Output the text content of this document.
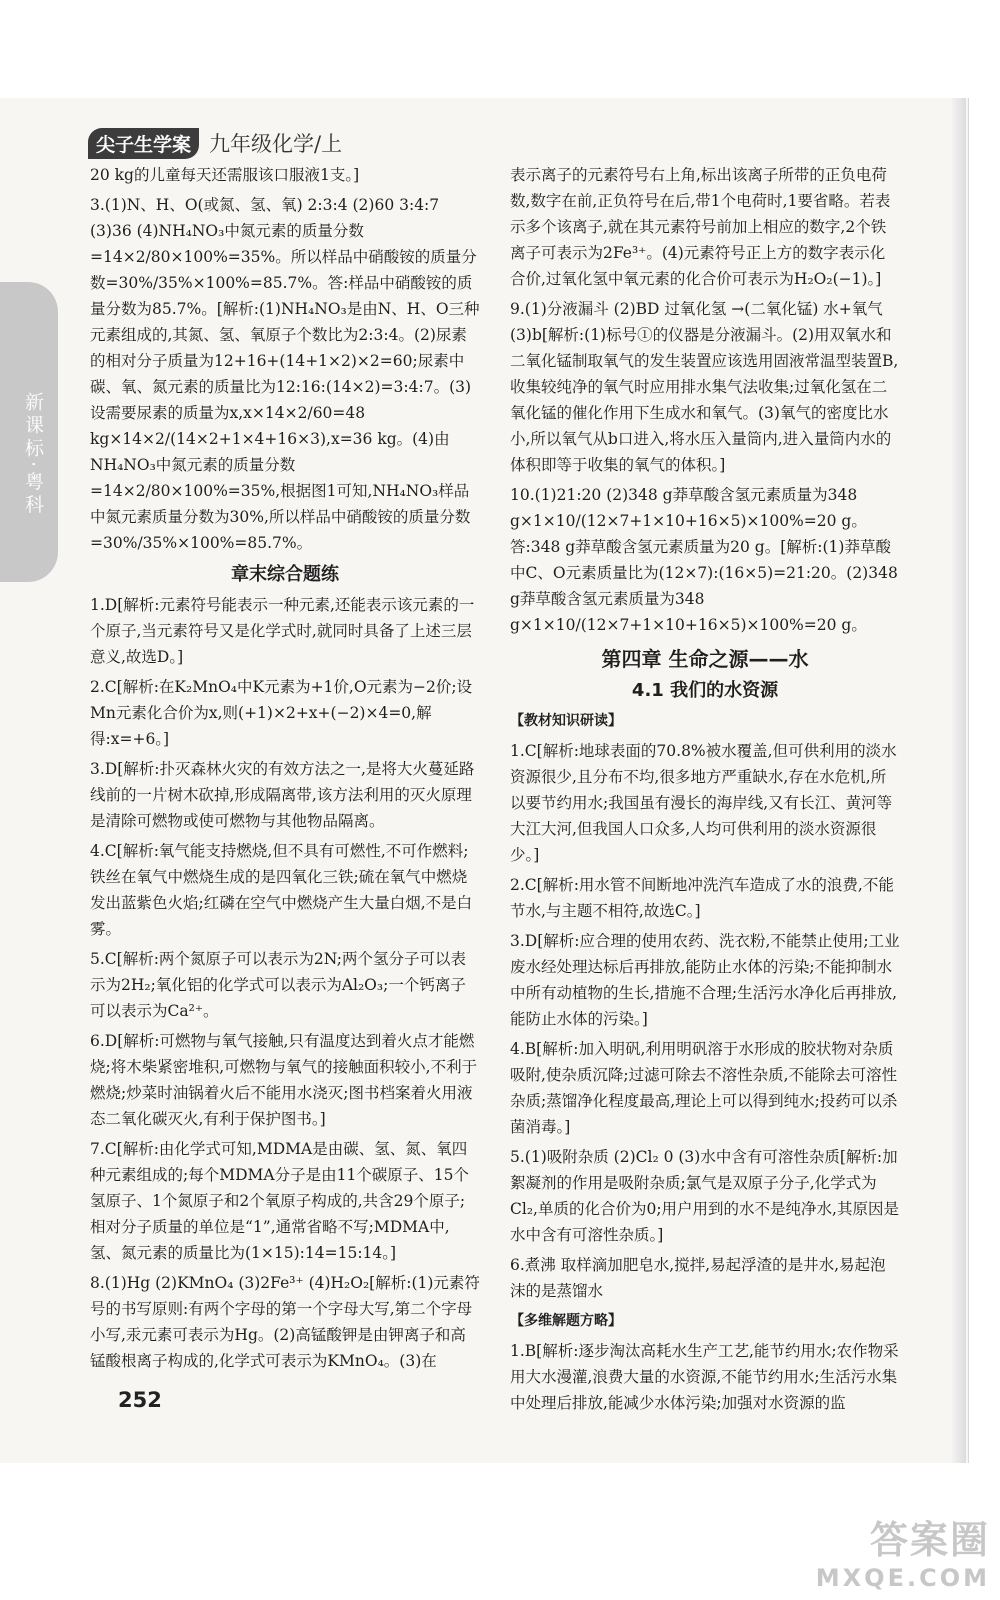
新课标·粤科
尖子生学案 九年级化学/上
20 kg的儿童每天还需服该口服液1支。]
3.(1)N、H、O(或氮、氢、氧) 2:3:4 (2)60 3:4:7 (3)36 (4)NH₄NO₃中氮元素的质量分数=14×2/80×100%=35%。所以样品中硝酸铵的质量分数=30%/35%×100%=85.7%。答:样品中硝酸铵的质量分数为85.7%。[解析:(1)NH₄NO₃是由N、H、O三种元素组成的,其氮、氢、氧原子个数比为2:3:4。(2)尿素的相对分子质量为12+16+(14+1×2)×2=60;尿素中碳、氧、氮元素的质量比为12:16:(14×2)=3:4:7。(3)设需要尿素的质量为x,x×14×2/60=48 kg×14×2/(14×2+1×4+16×3),x=36 kg。(4)由NH₄NO₃中氮元素的质量分数=14×2/80×100%=35%,根据图1可知,NH₄NO₃样品中氮元素质量分数为30%,所以样品中硝酸铵的质量分数=30%/35%×100%=85.7%。
章末综合题练
1.D[解析:元素符号能表示一种元素,还能表示该元素的一个原子,当元素符号又是化学式时,就同时具备了上述三层意义,故选D。]
2.C[解析:在K₂MnO₄中K元素为+1价,O元素为−2价;设Mn元素化合价为x,则(+1)×2+x+(−2)×4=0,解得:x=+6。]
3.D[解析:扑灭森林火灾的有效方法之一,是将大火蔓延路线前的一片树木砍掉,形成隔离带,该方法利用的灭火原理是清除可燃物或使可燃物与其他物品隔离。
4.C[解析:氧气能支持燃烧,但不具有可燃性,不可作燃料;铁丝在氧气中燃烧生成的是四氧化三铁;硫在氧气中燃烧发出蓝紫色火焰;红磷在空气中燃烧产生大量白烟,不是白雾。
5.C[解析:两个氮原子可以表示为2N;两个氢分子可以表示为2H₂;氧化铝的化学式可以表示为Al₂O₃;一个钙离子可以表示为Ca²⁺。
6.D[解析:可燃物与氧气接触,只有温度达到着火点才能燃烧;将木柴紧密堆积,可燃物与氧气的接触面积较小,不利于燃烧;炒菜时油锅着火后不能用水浇灭;图书档案着火用液态二氧化碳灭火,有利于保护图书。]
7.C[解析:由化学式可知,MDMA是由碳、氢、氮、氧四种元素组成的;每个MDMA分子是由11个碳原子、15个氢原子、1个氮原子和2个氧原子构成的,共含29个原子;相对分子质量的单位是“1”,通常省略不写;MDMA中,氢、氮元素的质量比为(1×15):14=15:14。]
8.(1)Hg (2)KMnO₄ (3)2Fe³⁺ (4)H₂O₂[解析:(1)元素符号的书写原则:有两个字母的第一个字母大写,第二个字母小写,汞元素可表示为Hg。(2)高锰酸钾是由钾离子和高锰酸根离子构成的,化学式可表示为KMnO₄。(3)在
表示离子的元素符号右上角,标出该离子所带的正负电荷数,数字在前,正负符号在后,带1个电荷时,1要省略。若表示多个该离子,就在其元素符号前加上相应的数字,2个铁离子可表示为2Fe³⁺。(4)元素符号正上方的数字表示化合价,过氧化氢中氧元素的化合价可表示为H₂O₂(−1)。]
9.(1)分液漏斗 (2)BD 过氧化氢 →(二氧化锰) 水+氧气 (3)b[解析:(1)标号①的仪器是分液漏斗。(2)用双氧水和二氧化锰制取氧气的发生装置应该选用固液常温型装置B,收集较纯净的氧气时应用排水集气法收集;过氧化氢在二氧化锰的催化作用下生成水和氧气。(3)氧气的密度比水小,所以氧气从b口进入,将水压入量筒内,进入量筒内水的体积即等于收集的氧气的体积。]
10.(1)21:20 (2)348 g莽草酸含氢元素质量为348 g×1×10/(12×7+1×10+16×5)×100%=20 g。答:348 g莽草酸含氢元素质量为20 g。[解析:(1)莽草酸中C、O元素质量比为(12×7):(16×5)=21:20。(2)348 g莽草酸含氢元素质量为348 g×1×10/(12×7+1×10+16×5)×100%=20 g。
第四章 生命之源——水
4.1 我们的水资源
【教材知识研读】
1.C[解析:地球表面的70.8%被水覆盖,但可供利用的淡水资源很少,且分布不均,很多地方严重缺水,存在水危机,所以要节约用水;我国虽有漫长的海岸线,又有长江、黄河等大江大河,但我国人口众多,人均可供利用的淡水资源很少。]
2.C[解析:用水管不间断地冲洗汽车造成了水的浪费,不能节水,与主题不相符,故选C。]
3.D[解析:应合理的使用农药、洗衣粉,不能禁止使用;工业废水经处理达标后再排放,能防止水体的污染;不能抑制水中所有动植物的生长,措施不合理;生活污水净化后再排放,能防止水体的污染。]
4.B[解析:加入明矾,利用明矾溶于水形成的胶状物对杂质吸附,使杂质沉降;过滤可除去不溶性杂质,不能除去可溶性杂质;蒸馏净化程度最高,理论上可以得到纯水;投药可以杀菌消毒。]
5.(1)吸附杂质 (2)Cl₂ 0 (3)水中含有可溶性杂质[解析:加絮凝剂的作用是吸附杂质;氯气是双原子分子,化学式为Cl₂,单质的化合价为0;用户用到的水不是纯净水,其原因是水中含有可溶性杂质。]
6.煮沸 取样滴加肥皂水,搅拌,易起浮渣的是井水,易起泡沫的是蒸馏水
【多维解题方略】
1.B[解析:逐步淘汰高耗水生产工艺,能节约用水;农作物采用大水漫灌,浪费大量的水资源,不能节约用水;生活污水集中处理后排放,能减少水体污染;加强对水资源的监
252
答案圈
MXQE.COM
